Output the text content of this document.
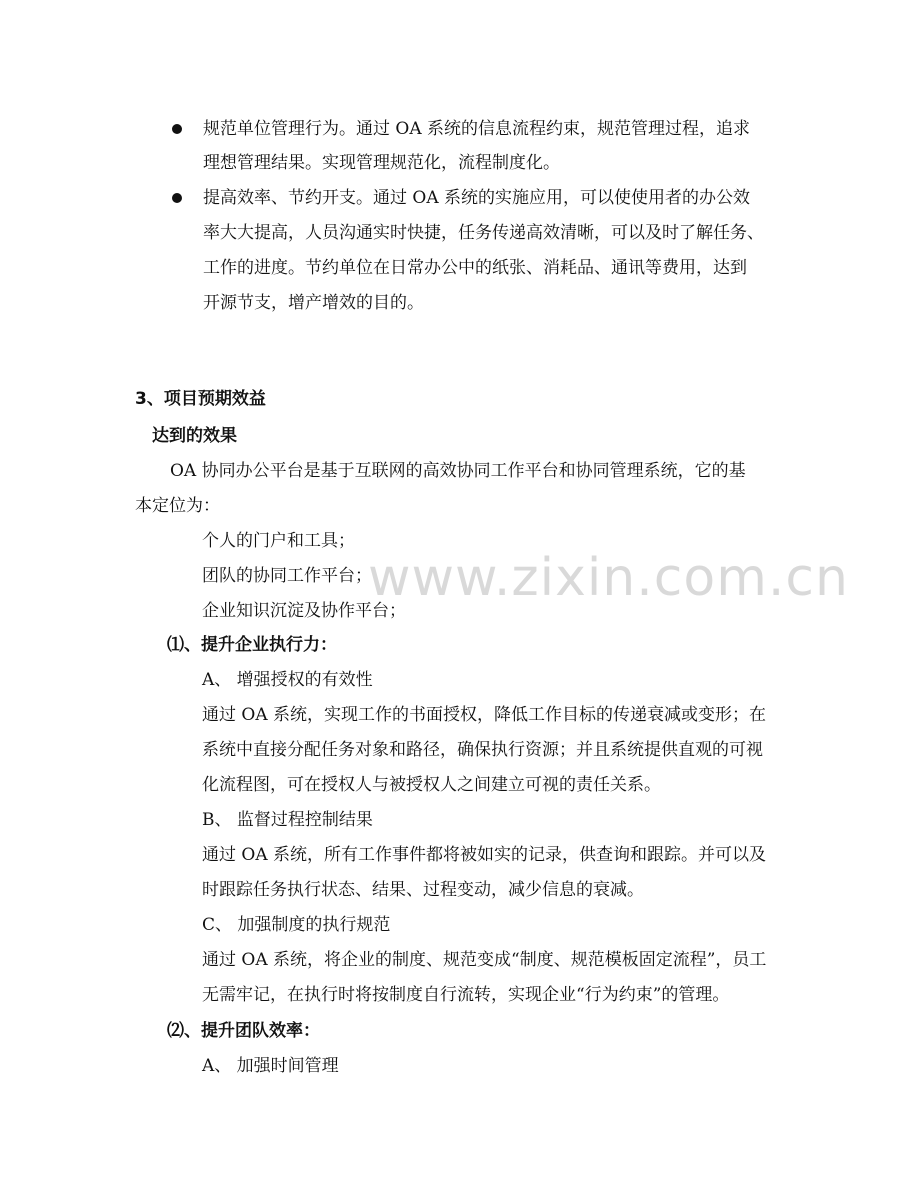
www.zixin.com.cn
规范单位管理行为。通过 OA 系统的信息流程约束，规范管理过程，追求
理想管理结果。实现管理规范化，流程制度化。
提高效率、节约开支。通过 OA 系统的实施应用，可以使使用者的办公效
率大大提高，人员沟通实时快捷，任务传递高效清晰，可以及时了解任务、
工作的进度。节约单位在日常办公中的纸张、消耗品、通讯等费用，达到
开源节支，增产增效的目的。
3、项目预期效益
达到的效果
OA 协同办公平台是基于互联网的高效协同工作平台和协同管理系统，它的基
本定位为：
个人的门户和工具；
团队的协同工作平台；
企业知识沉淀及协作平台；
⑴、提升企业执行力：
A、 增强授权的有效性
通过 OA 系统，实现工作的书面授权，降低工作目标的传递衰减或变形；在
系统中直接分配任务对象和路径，确保执行资源；并且系统提供直观的可视
化流程图，可在授权人与被授权人之间建立可视的责任关系。
B、 监督过程控制结果
通过 OA 系统，所有工作事件都将被如实的记录，供查询和跟踪。并可以及
时跟踪任务执行状态、结果、过程变动，减少信息的衰减。
C、 加强制度的执行规范
通过 OA 系统，将企业的制度、规范变成“制度、规范模板固定流程”，员工
无需牢记，在执行时将按制度自行流转，实现企业“行为约束”的管理。
⑵、提升团队效率：
A、 加强时间管理
